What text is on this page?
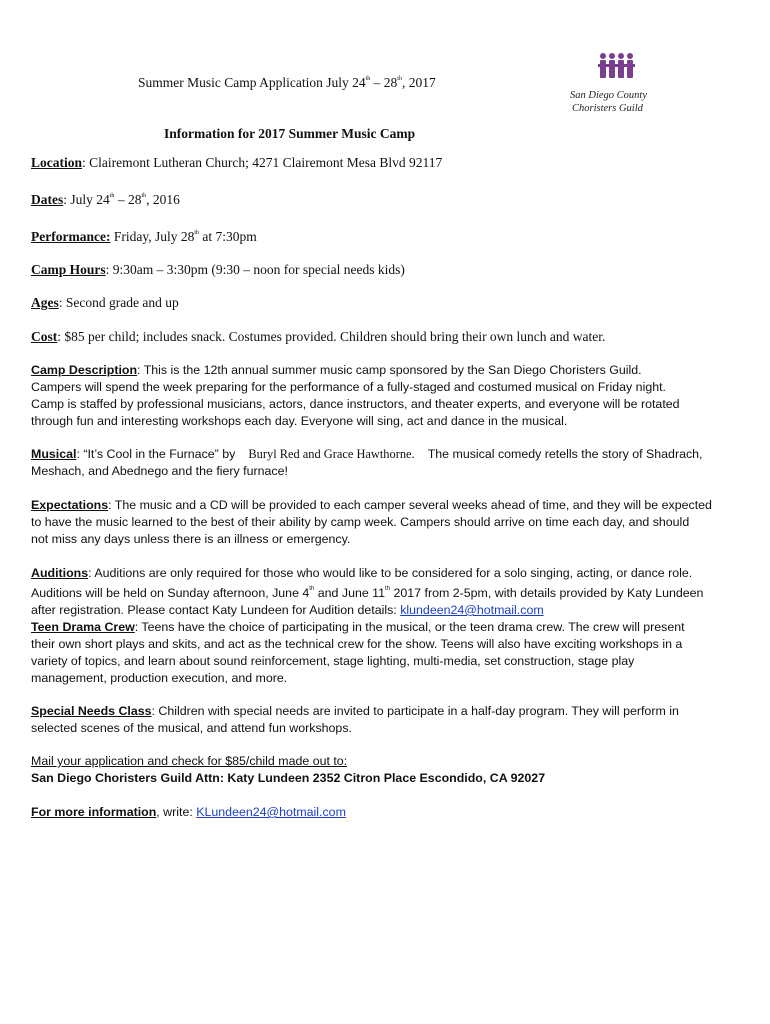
Summer Music Camp Application July 24th – 28th, 2017
San Diego County
Choristers Guild
Information for 2017 Summer Music Camp
Location: Clairemont Lutheran Church; 4271 Clairemont Mesa Blvd 92117
Dates: July 24th – 28th, 2016
Performance: Friday, July 28th at 7:30pm
Camp Hours: 9:30am – 3:30pm (9:30 – noon for special needs kids)
Ages: Second grade and up
Cost: $85 per child; includes snack. Costumes provided. Children should bring their own lunch and water.
Camp Description: This is the 12th annual summer music camp sponsored by the San Diego Choristers Guild.
Campers will spend the week preparing for the performance of a fully-staged and costumed musical on Friday night.
Camp is staffed by professional musicians, actors, dance instructors, and theater experts, and everyone will be rotated
through fun and interesting workshops each day. Everyone will sing, act and dance in the musical.
Musical: “It’s Cool in the Furnace” by Buryl Red and Grace Hawthorne. The musical comedy retells the story of Shadrach,
Meshach, and Abednego and the fiery furnace!
Expectations: The music and a CD will be provided to each camper several weeks ahead of time, and they will be expected
to have the music learned to the best of their ability by camp week. Campers should arrive on time each day, and should
not miss any days unless there is an illness or emergency.
Auditions: Auditions are only required for those who would like to be considered for a solo singing, acting, or dance role.
Auditions will be held on Sunday afternoon, June 4th and June 11th 2017 from 2-5pm, with details provided by Katy Lundeen
after registration. Please contact Katy Lundeen for Audition details: klundeen24@hotmail.com
Teen Drama Crew: Teens have the choice of participating in the musical, or the teen drama crew. The crew will present
their own short plays and skits, and act as the technical crew for the show. Teens will also have exciting workshops in a
variety of topics, and learn about sound reinforcement, stage lighting, multi-media, set construction, stage play
management, production execution, and more.
Special Needs Class: Children with special needs are invited to participate in a half-day program. They will perform in
selected scenes of the musical, and attend fun workshops.
Mail your application and check for $85/child made out to:
San Diego Choristers Guild Attn: Katy Lundeen 2352 Citron Place Escondido, CA 92027
For more information, write: KLundeen24@hotmail.com
